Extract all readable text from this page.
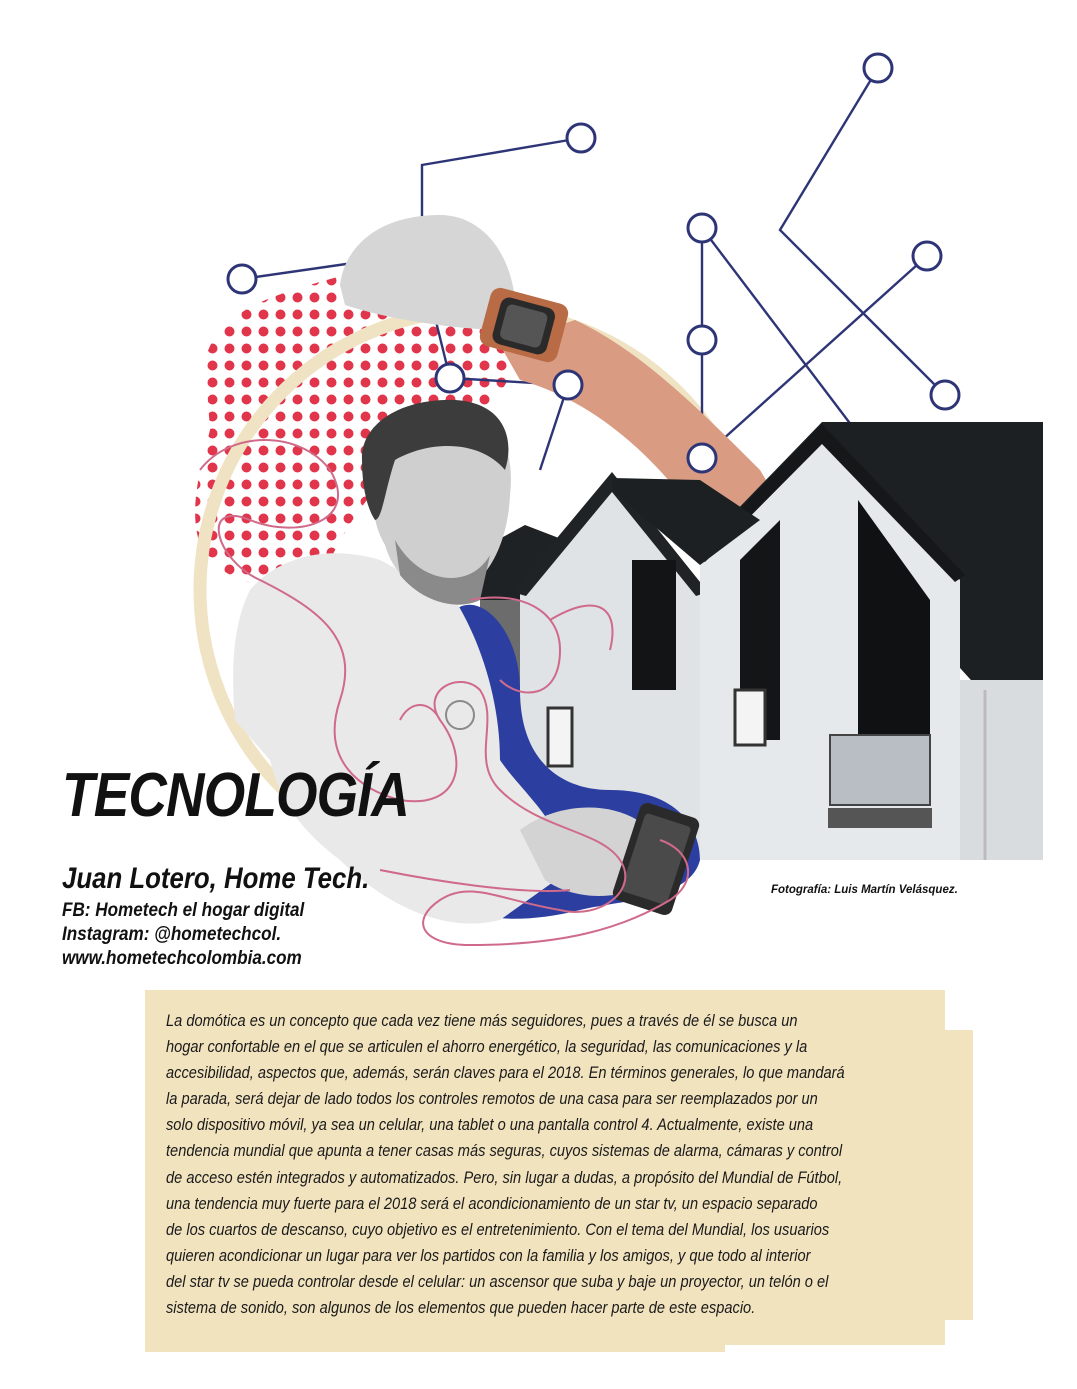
TECNOLOGÍA

Juan Lotero, Home Tech.

FB: Hometech el hogar digital

Instagram: @hometechcol.

www.hometechcolombia.com

Fotografía: Luis Martín Velásquez.

La domótica es un concepto que cada vez tiene más seguidores, pues a través de él se busca un
hogar confortable en el que se articulen el ahorro energético, la seguridad, las comunicaciones y la
accesibilidad, aspectos que, además, serán claves para el 2018. En términos generales, lo que mandará
la parada, será dejar de lado todos los controles remotos de una casa para ser reemplazados por un
solo dispositivo móvil, ya sea un celular, una tablet o una pantalla control 4. Actualmente, existe una
tendencia mundial que apunta a tener casas más seguras, cuyos sistemas de alarma, cámaras y control
de acceso estén integrados y automatizados. Pero, sin lugar a dudas, a propósito del Mundial de Fútbol,
una tendencia muy fuerte para el 2018 será el acondicionamiento de un star tv, un espacio separado
de los cuartos de descanso, cuyo objetivo es el entretenimiento. Con el tema del Mundial, los usuarios
quieren acondicionar un lugar para ver los partidos con la familia y los amigos, y que todo al interior
del star tv se pueda controlar desde el celular: un ascensor que suba y baje un proyector, un telón o el
sistema de sonido, son algunos de los elementos que pueden hacer parte de este espacio.
